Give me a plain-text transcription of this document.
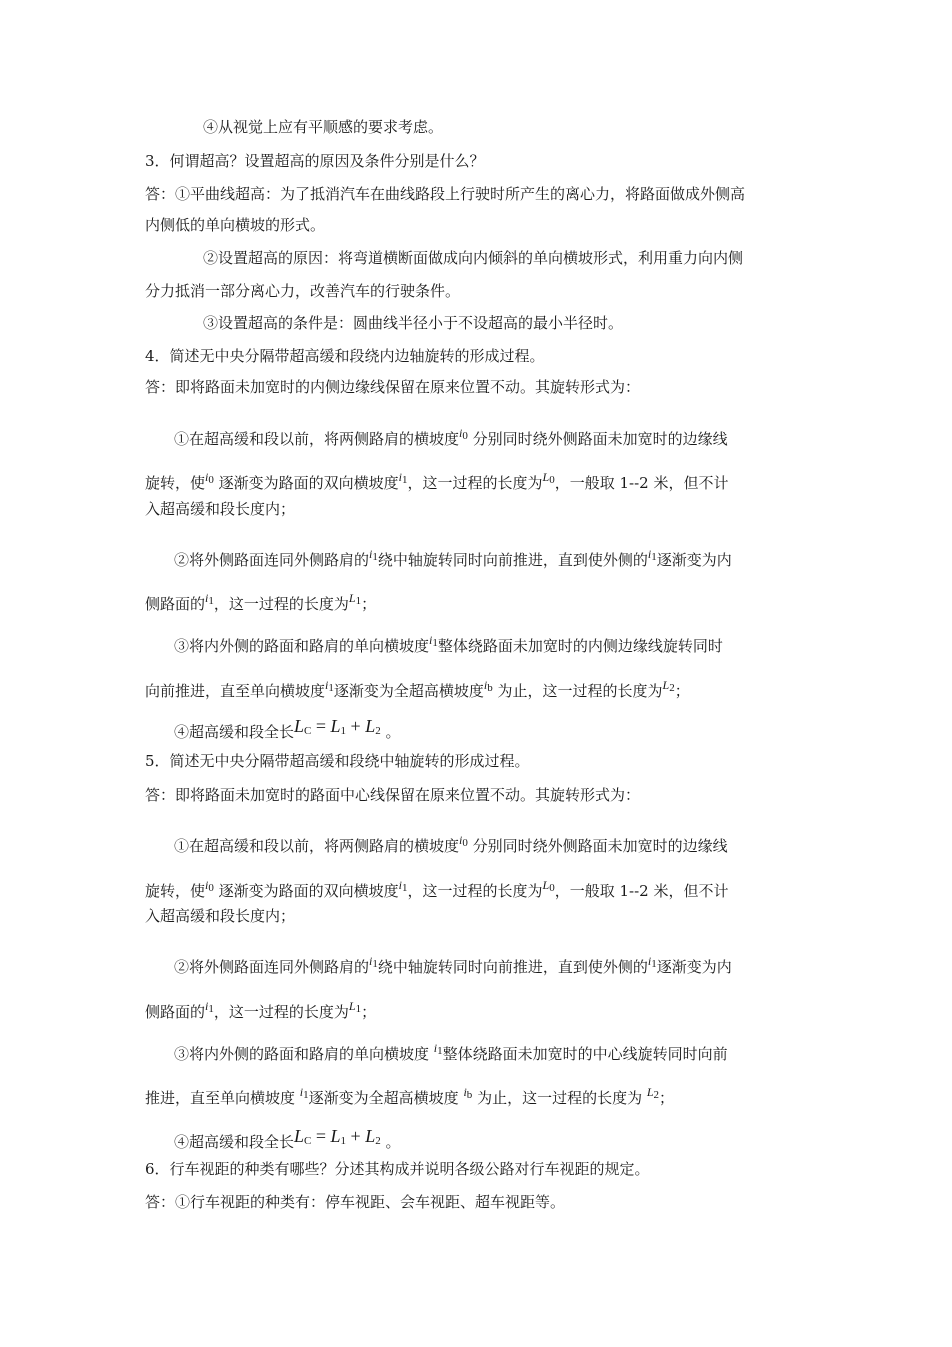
④从视觉上应有平顺感的要求考虑。
3．何谓超高？设置超高的原因及条件分别是什么？
答：①平曲线超高：为了抵消汽车在曲线路段上行驶时所产生的离心力，将路面做成外侧高
内侧低的单向横坡的形式。
②设置超高的原因：将弯道横断面做成向内倾斜的单向横坡形式，利用重力向内侧
分力抵消一部分离心力，改善汽车的行驶条件。
③设置超高的条件是：圆曲线半径小于不设超高的最小半径时。
4．简述无中央分隔带超高缓和段绕内边轴旋转的形成过程。
答：即将路面未加宽时的内侧边缘线保留在原来位置不动。其旋转形式为：
①在超高缓和段以前，将两侧路肩的横坡度$^{i0}$ 分别同时绕外侧路面未加宽时的边缘线
旋转，使$^{i0}$ 逐渐变为路面的双向横坡度$^{i1}$，这一过程的长度为$^{L0}$，一般取 1--2 米，但不计
入超高缓和段长度内；
②将外侧路面连同外侧路肩的$^{i1}$绕中轴旋转同时向前推进，直到使外侧的$^{i1}$逐渐变为内
侧路面的$^{i1}$，这一过程的长度为$^{L1}$；
③将内外侧的路面和路肩的单向横坡度$^{i1}$整体绕路面未加宽时的内侧边缘线旋转同时
向前推进，直至单向横坡度$^{i1}$逐渐变为全超高横坡度$^{ib}$ 为止，这一过程的长度为$^{L2}$；
④超高缓和段全长LC = L1 + L2 。
5．简述无中央分隔带超高缓和段绕中轴旋转的形成过程。
答：即将路面未加宽时的路面中心线保留在原来位置不动。其旋转形式为：
①在超高缓和段以前，将两侧路肩的横坡度$^{i0}$ 分别同时绕外侧路面未加宽时的边缘线
旋转，使$^{i0}$ 逐渐变为路面的双向横坡度$^{i1}$，这一过程的长度为$^{L0}$，一般取 1--2 米，但不计
入超高缓和段长度内；
②将外侧路面连同外侧路肩的$^{i1}$绕中轴旋转同时向前推进，直到使外侧的$^{i1}$逐渐变为内
侧路面的$^{i1}$，这一过程的长度为$^{L1}$；
③将内外侧的路面和路肩的单向横坡度 $^{i1}$整体绕路面未加宽时的中心线旋转同时向前
推进，直至单向横坡度 $^{i1}$逐渐变为全超高横坡度 $^{ib}$ 为止，这一过程的长度为 $^{L2}$；
④超高缓和段全长LC = L1 + L2 。
6．行车视距的种类有哪些？分述其构成并说明各级公路对行车视距的规定。
答：①行车视距的种类有：停车视距、会车视距、超车视距等。
